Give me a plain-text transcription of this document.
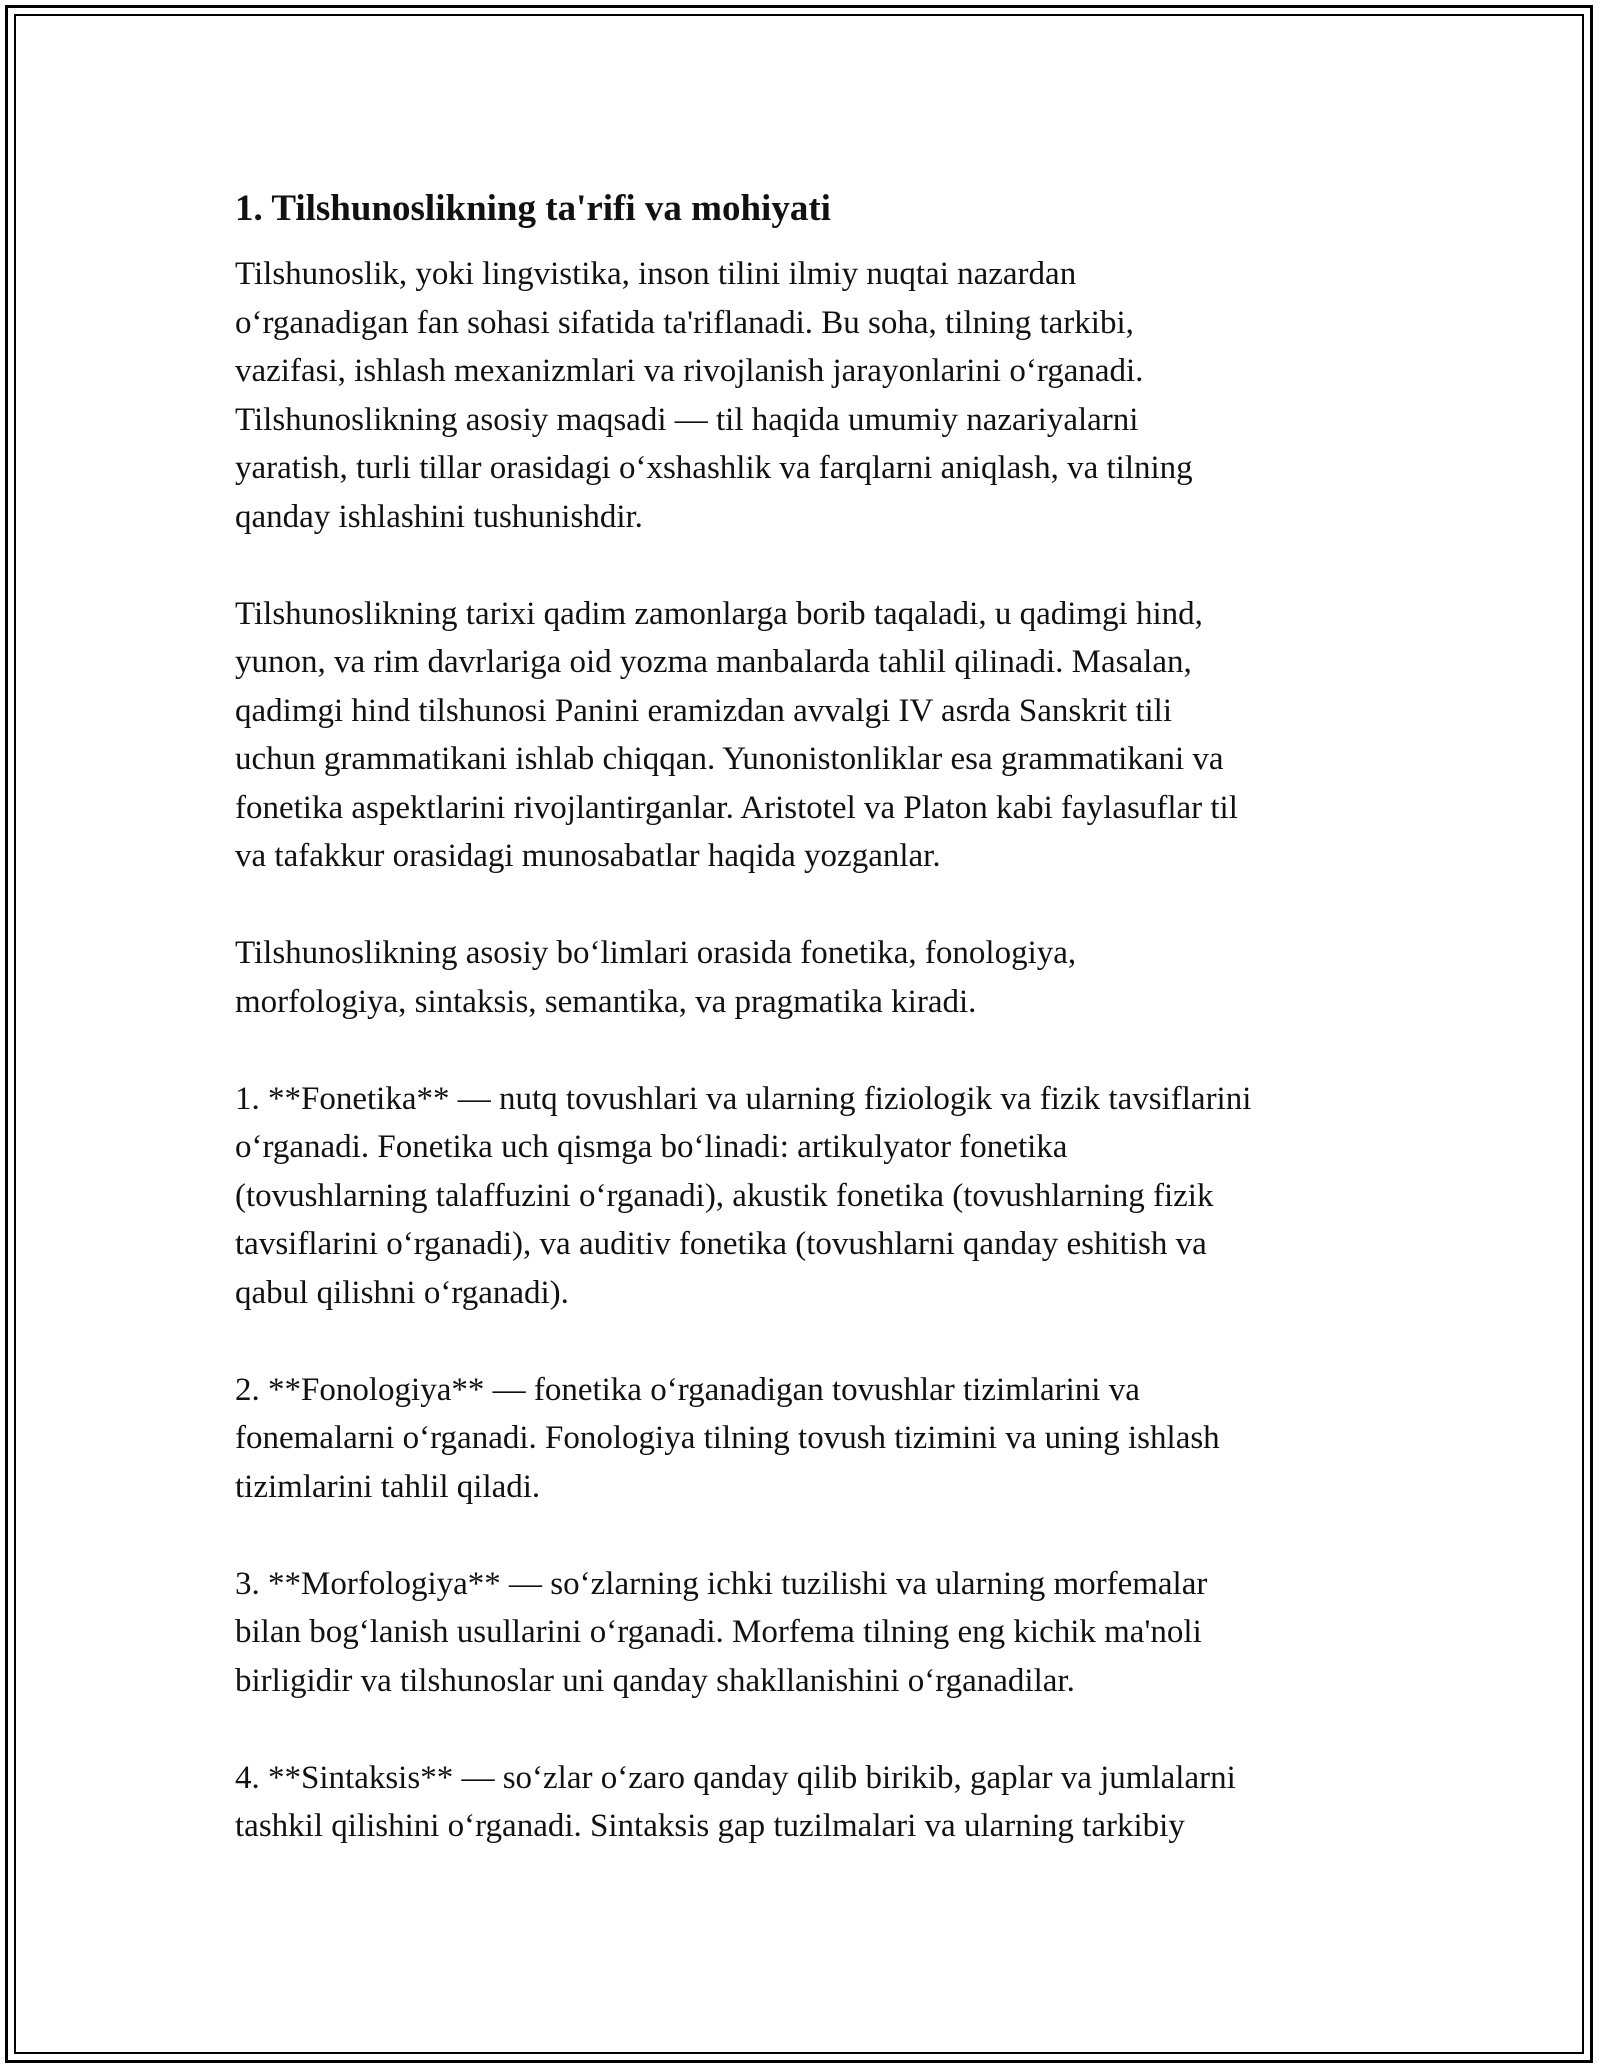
1. Tilshunoslikning ta'rifi va mohiyati

Tilshunoslik, yoki lingvistika, inson tilini ilmiy nuqtai nazardan
o‘rganadigan fan sohasi sifatida ta'riflanadi. Bu soha, tilning tarkibi,
vazifasi, ishlash mexanizmlari va rivojlanish jarayonlarini o‘rganadi.
Tilshunoslikning asosiy maqsadi — til haqida umumiy nazariyalarni
yaratish, turli tillar orasidagi o‘xshashlik va farqlarni aniqlash, va tilning
qanday ishlashini tushunishdir.

Tilshunoslikning tarixi qadim zamonlarga borib taqaladi, u qadimgi hind,
yunon, va rim davrlariga oid yozma manbalarda tahlil qilinadi. Masalan,
qadimgi hind tilshunosi Panini eramizdan avvalgi IV asrda Sanskrit tili
uchun grammatikani ishlab chiqqan. Yunonistonliklar esa grammatikani va
fonetika aspektlarini rivojlantirganlar. Aristotel va Platon kabi faylasuflar til
va tafakkur orasidagi munosabatlar haqida yozganlar.

Tilshunoslikning asosiy bo‘limlari orasida fonetika, fonologiya,
morfologiya, sintaksis, semantika, va pragmatika kiradi.

1. **Fonetika** — nutq tovushlari va ularning fiziologik va fizik tavsiflarini
o‘rganadi. Fonetika uch qismga bo‘linadi: artikulyator fonetika
(tovushlarning talaffuzini o‘rganadi), akustik fonetika (tovushlarning fizik
tavsiflarini o‘rganadi), va auditiv fonetika (tovushlarni qanday eshitish va
qabul qilishni o‘rganadi).

2. **Fonologiya** — fonetika o‘rganadigan tovushlar tizimlarini va
fonemalarni o‘rganadi. Fonologiya tilning tovush tizimini va uning ishlash
tizimlarini tahlil qiladi.

3. **Morfologiya** — so‘zlarning ichki tuzilishi va ularning morfemalar
bilan bog‘lanish usullarini o‘rganadi. Morfema tilning eng kichik ma'noli
birligidir va tilshunoslar uni qanday shakllanishini o‘rganadilar.

4. **Sintaksis** — so‘zlar o‘zaro qanday qilib birikib, gaplar va jumlalarni
tashkil qilishini o‘rganadi. Sintaksis gap tuzilmalari va ularning tarkibiy
